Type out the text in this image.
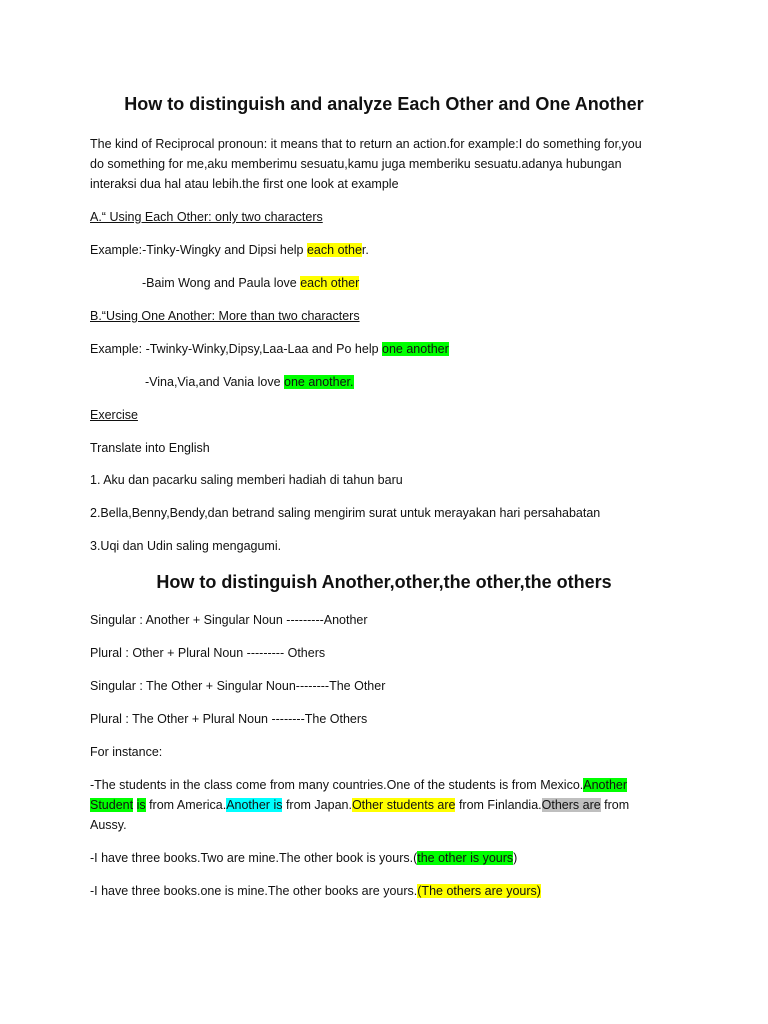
How to distinguish and analyze Each Other and One Another
The kind of Reciprocal pronoun: it means that to return an action.for example:I do something for,you
do something for me,aku memberimu sesuatu,kamu juga memberiku sesuatu.adanya hubungan
interaksi dua hal atau lebih.the first one look at example
A.“ Using Each Other: only two characters
Example:-Tinky-Wingky and Dipsi help each other.
-Baim Wong and Paula love each other
B.“Using One Another: More than two characters
Example: -Twinky-Winky,Dipsy,Laa-Laa and Po help one another
-Vina,Via,and Vania love one another.
Exercise
Translate into English
1. Aku dan pacarku saling memberi hadiah di tahun baru
2.Bella,Benny,Bendy,dan betrand saling mengirim surat untuk merayakan hari persahabatan
3.Uqi dan Udin saling mengagumi.
How to distinguish Another,other,the other,the others
Singular : Another + Singular Noun ---------Another
Plural : Other + Plural Noun --------- Others
Singular : The Other + Singular Noun--------The Other
Plural : The Other + Plural Noun --------The Others
For instance:
-The students in the class come from many countries.One of the students is from Mexico.Another
Student is from America.Another is from Japan.Other students are from Finlandia.Others are from
Aussy.
-I have three books.Two are mine.The other book is yours.(the other is yours)
-I have three books.one is mine.The other books are yours.(The others are yours)
